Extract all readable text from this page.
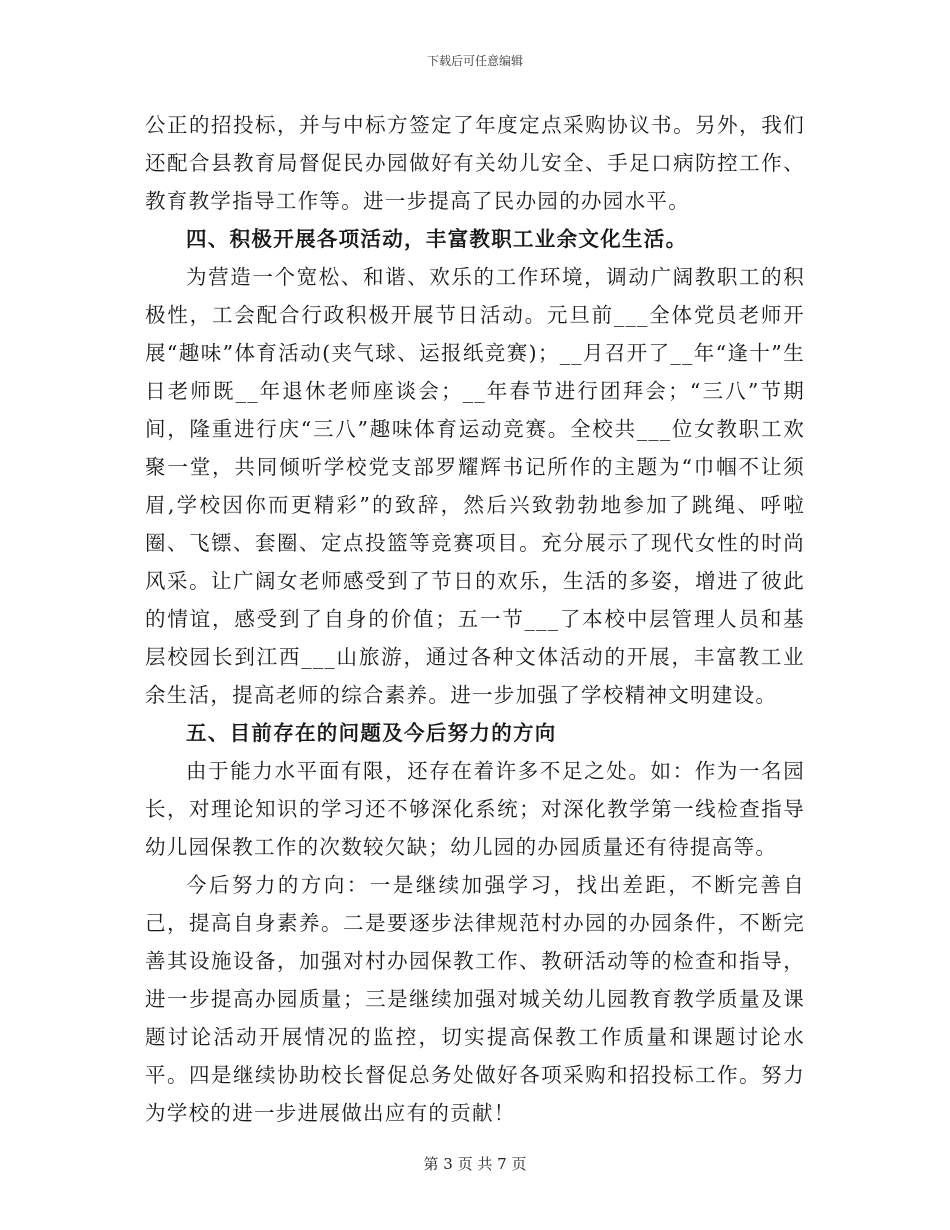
下载后可任意编辑

公正的招投标，并与中标方签定了年度定点采购协议书。另外，我们还配合县教育局督促民办园做好有关幼儿安全、手足口病防控工作、教育教学指导工作等。进一步提高了民办园的办园水平。

四、积极开展各项活动，丰富教职工业余文化生活。

为营造一个宽松、和谐、欢乐的工作环境，调动广阔教职工的积极性，工会配合行政积极开展节日活动。元旦前___全体党员老师开展“趣味”体育活动(夹气球、运报纸竞赛)；__月召开了__年“逢十”生日老师既__年退休老师座谈会；__年春节进行团拜会；“三八”节期间，隆重进行庆“三八”趣味体育运动竞赛。全校共___位女教职工欢聚一堂，共同倾听学校党支部罗耀辉书记所作的主题为“巾帼不让须眉,学校因你而更精彩”的致辞，然后兴致勃勃地参加了跳绳、呼啦圈、飞镖、套圈、定点投篮等竞赛项目。充分展示了现代女性的时尚风采。让广阔女老师感受到了节日的欢乐，生活的多姿，增进了彼此的情谊，感受到了自身的价值；五一节___了本校中层管理人员和基层校园长到江西___山旅游，通过各种文体活动的开展，丰富教工业余生活，提高老师的综合素养。进一步加强了学校精神文明建设。

五、目前存在的问题及今后努力的方向

由于能力水平面有限，还存在着许多不足之处。如：作为一名园长，对理论知识的学习还不够深化系统；对深化教学第一线检查指导幼儿园保教工作的次数较欠缺；幼儿园的办园质量还有待提高等。

今后努力的方向：一是继续加强学习，找出差距，不断完善自己，提高自身素养。二是要逐步法律规范村办园的办园条件，不断完善其设施设备，加强对村办园保教工作、教研活动等的检查和指导，进一步提高办园质量；三是继续加强对城关幼儿园教育教学质量及课题讨论活动开展情况的监控，切实提高保教工作质量和课题讨论水平。四是继续协助校长督促总务处做好各项采购和招投标工作。努力为学校的进一步进展做出应有的贡献！

第 3 页 共 7 页
